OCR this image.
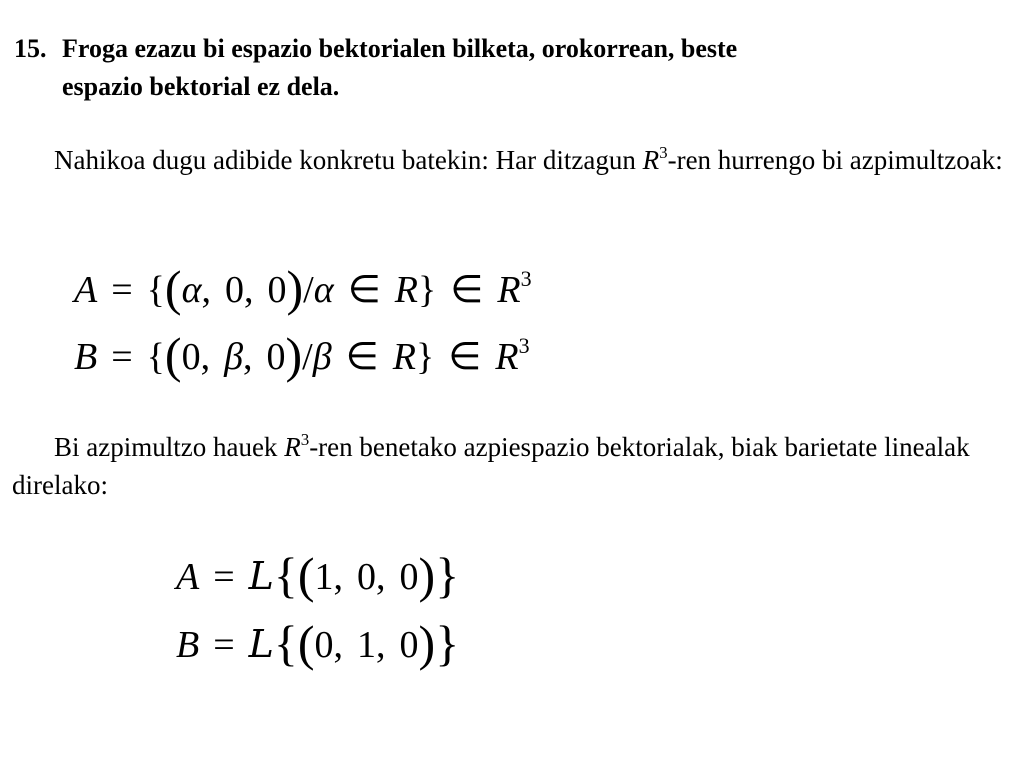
15. Froga ezazu bi espazio bektorialen bilketa, orokorrean, beste
espazio bektorial ez dela.
Nahikoa dugu adibide konkretu batekin: Har ditzagun $R^3$-ren hurrengo bi azpimultzoak:
A = {(α, 0, 0)/α ∈ R} ∈ $R^3$
B = {(0, β, 0)/β ∈ R} ∈ $R^3$
Bi azpimultzo hauek $R^3$-ren benetako azpiespazio bektorialak, biak barietate linealak direlako:
A = L{(1, 0, 0)}
B = L{(0, 1, 0)}
